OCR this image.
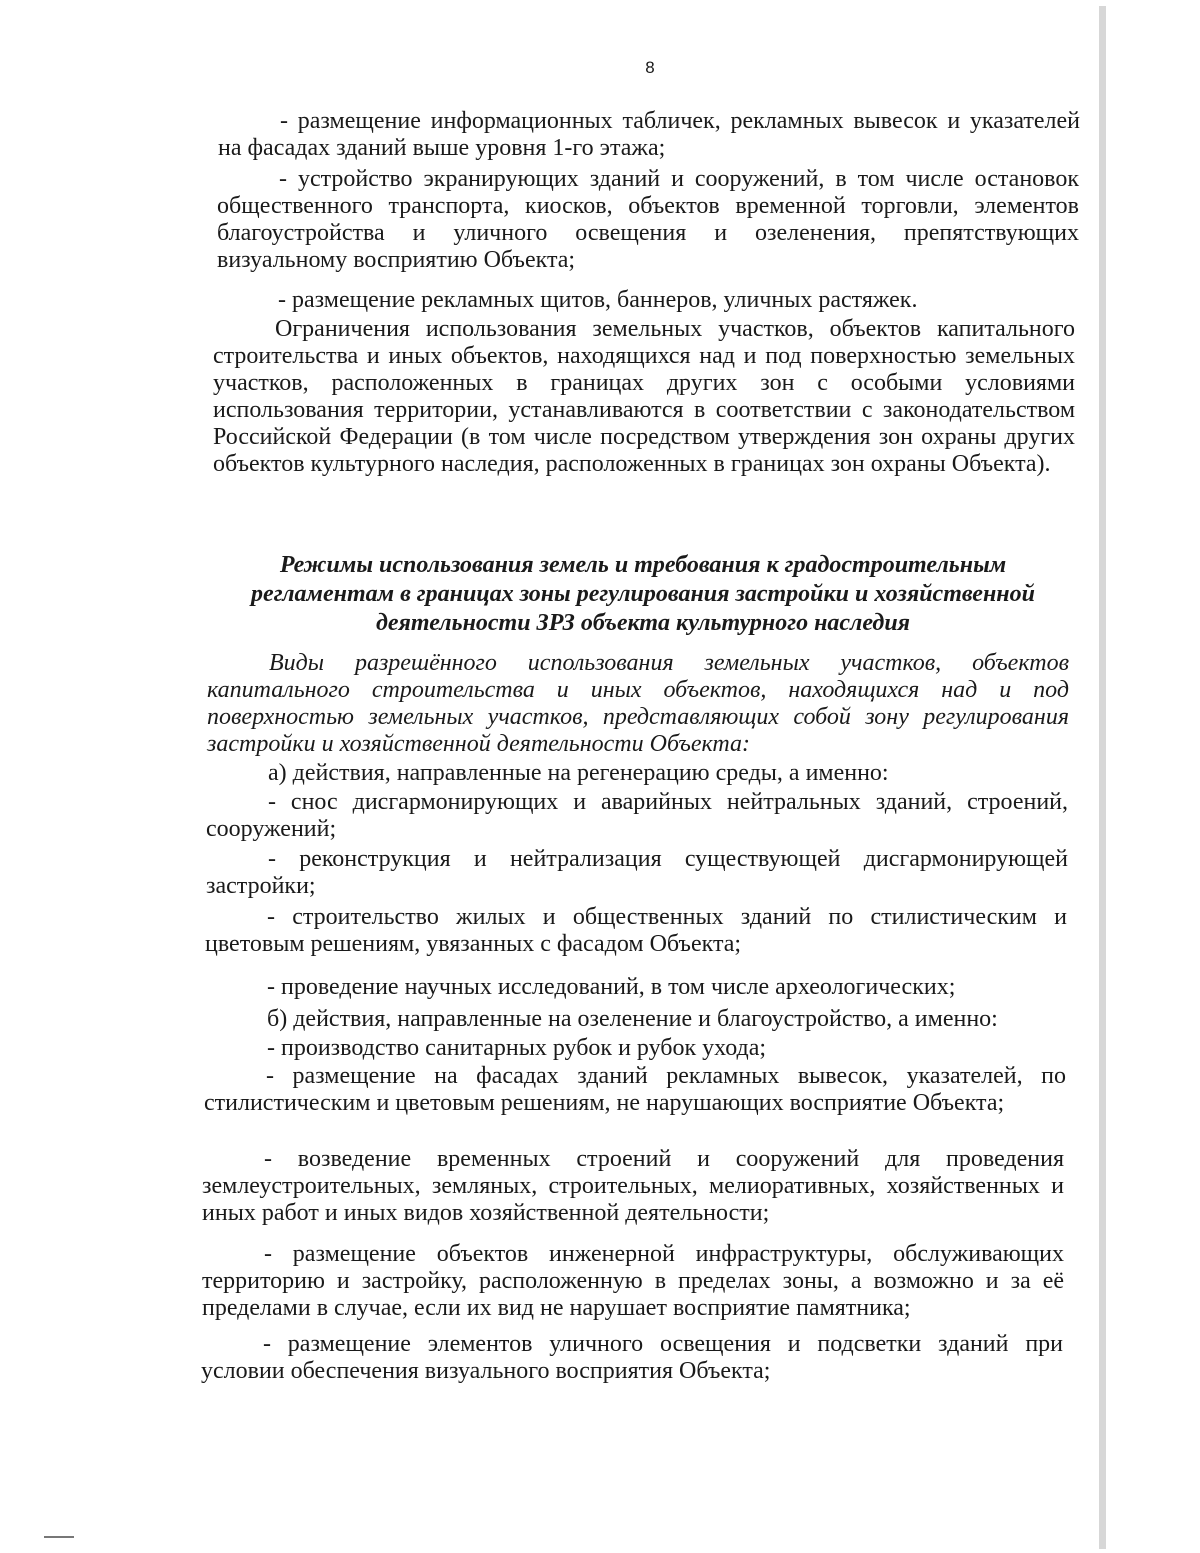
8
- размещение информационных табличек, рекламных вывесок и указателей на фасадах зданий выше уровня 1-го этажа;
- устройство экранирующих зданий и сооружений, в том числе остановок общественного транспорта, киосков, объектов временной торговли, элементов благоустройства и уличного освещения и озеленения, препятствующих визуальному восприятию Объекта;
- размещение рекламных щитов, баннеров, уличных растяжек.
Ограничения использования земельных участков, объектов капитального строительства и иных объектов, находящихся над и под поверхностью земельных участков, расположенных в границах других зон с особыми условиями использования территории, устанавливаются в соответствии с законодательством Российской Федерации (в том числе посредством утверждения зон охраны других объектов культурного наследия, расположенных в границах зон охраны Объекта).
Режимы использования земель и требования к градостроительным регламентам в границах зоны регулирования застройки и хозяйственной деятельности ЗРЗ объекта культурного наследия
Виды разрешённого использования земельных участков, объектов капитального строительства и иных объектов, находящихся над и под поверхностью земельных участков, представляющих собой зону регулирования застройки и хозяйственной деятельности Объекта:
а) действия, направленные на регенерацию среды, а именно:
- снос дисгармонирующих и аварийных нейтральных зданий, строений, сооружений;
- реконструкция и нейтрализация существующей дисгармонирующей застройки;
- строительство жилых и общественных зданий по стилистическим и цветовым решениям, увязанных с фасадом Объекта;
- проведение научных исследований, в том числе археологических;
б) действия, направленные на озеленение и благоустройство, а именно:
- производство санитарных рубок и рубок ухода;
- размещение на фасадах зданий рекламных вывесок, указателей, по стилистическим и цветовым решениям, не нарушающих восприятие Объекта;
- возведение временных строений и сооружений для проведения землеустроительных, земляных, строительных, мелиоративных, хозяйственных и иных работ и иных видов хозяйственной деятельности;
- размещение объектов инженерной инфраструктуры, обслуживающих территорию и застройку, расположенную в пределах зоны, а возможно и за её пределами в случае, если их вид не нарушает восприятие памятника;
- размещение элементов уличного освещения и подсветки зданий при условии обеспечения визуального восприятия Объекта;
